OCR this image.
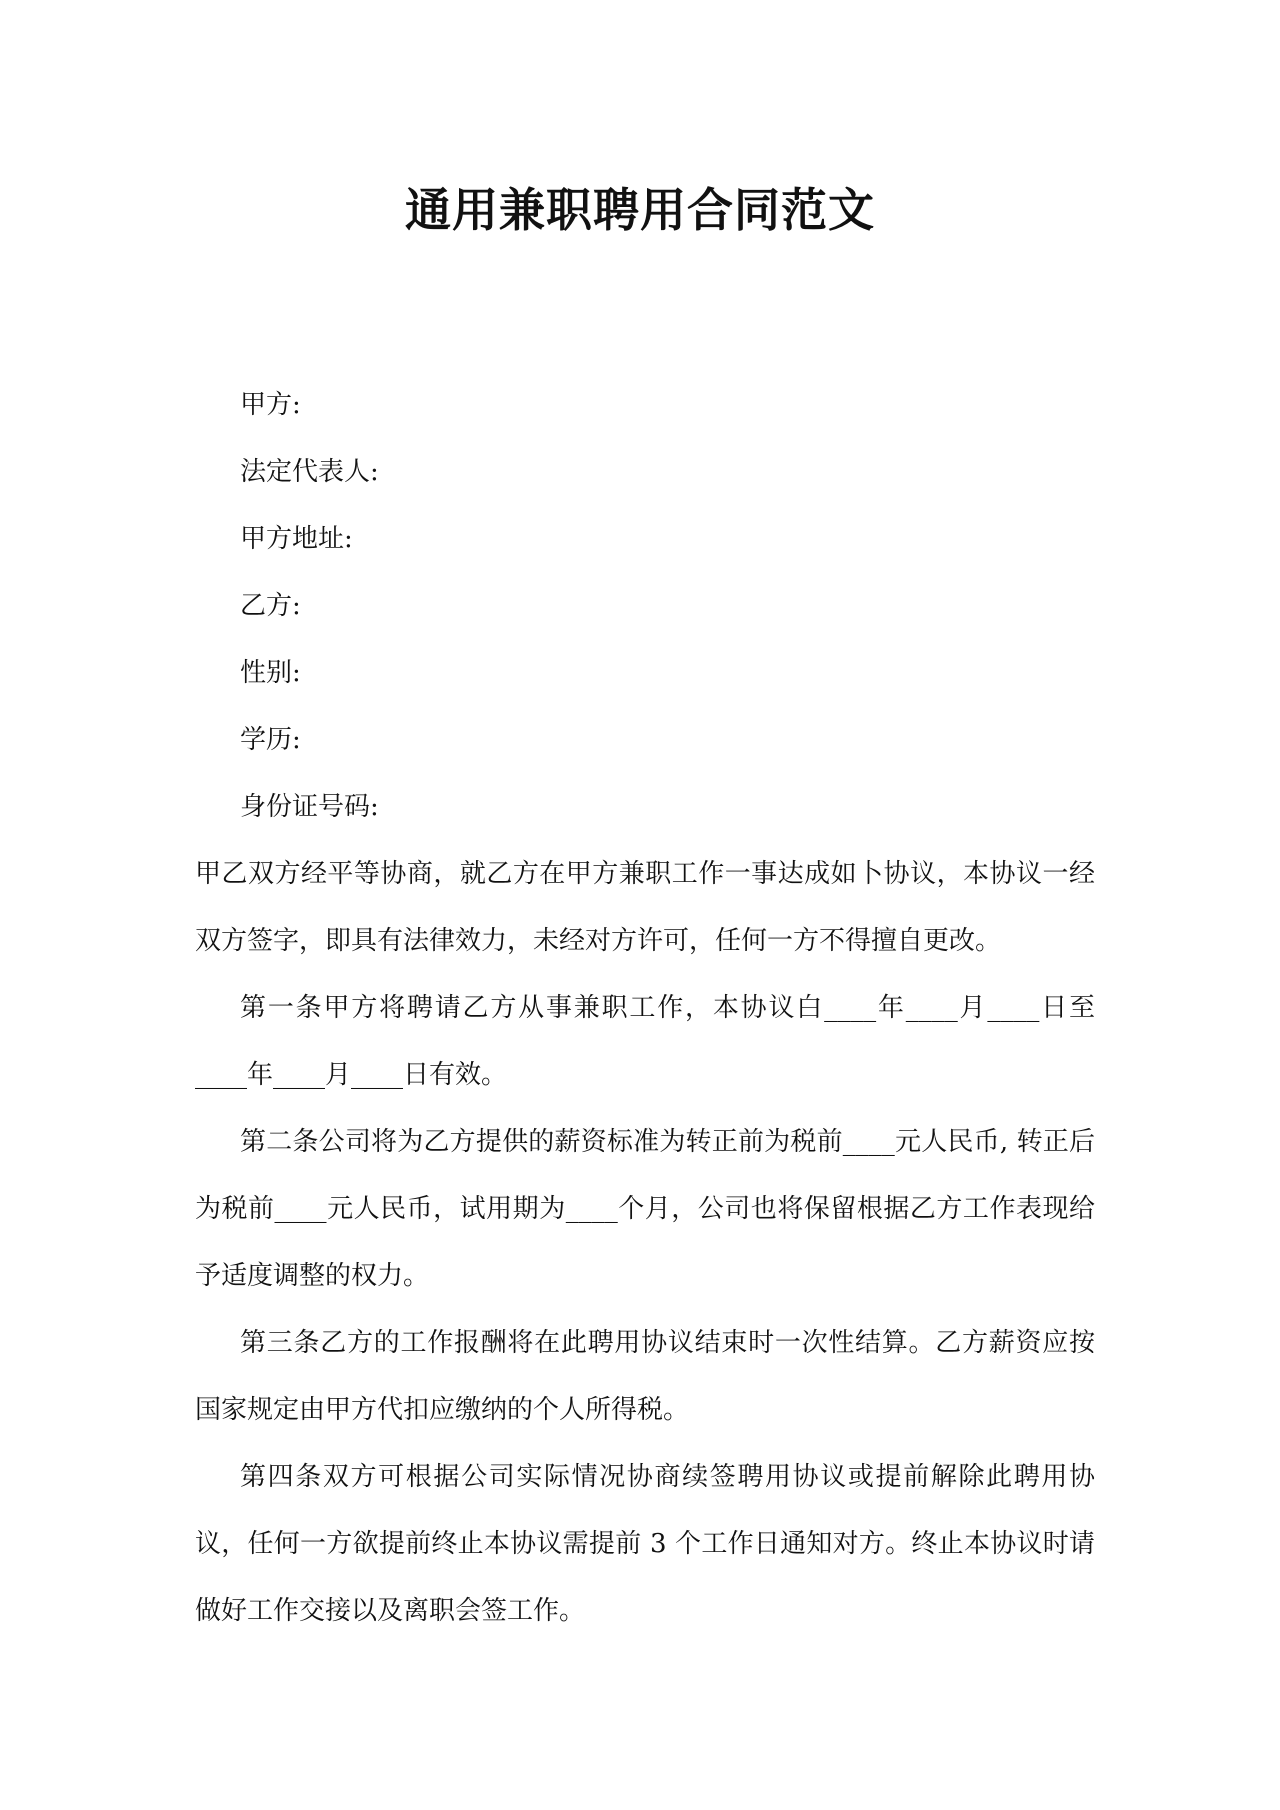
通用兼职聘用合同范文

甲方:

法定代表人:

甲方地址:

乙方:

性别:

学历:

身份证号码:

甲乙双方经平等协商，就乙方在甲方兼职工作一事达成如卜协议，本协议一经双方签字，即具有法律效力，未经对方许可，任何一方不得擅自更改。

第一条甲方将聘请乙方从事兼职工作，本协议白____年____月____日至____年____月____日有效。

第二条公司将为乙方提供的薪资标准为转正前为税前____元人民币, 转正后为税前____元人民币，试用期为____个月，公司也将保留根据乙方工作表现给予适度调整的权力。

第三条乙方的工作报酬将在此聘用协议结束时一次性结算。乙方薪资应按国家规定由甲方代扣应缴纳的个人所得税。

第四条双方可根据公司实际情况协商续签聘用协议或提前解除此聘用协议，任何一方欲提前终止本协议需提前 3 个工作日通知对方。终止本协议时请做好工作交接以及离职会签工作。
